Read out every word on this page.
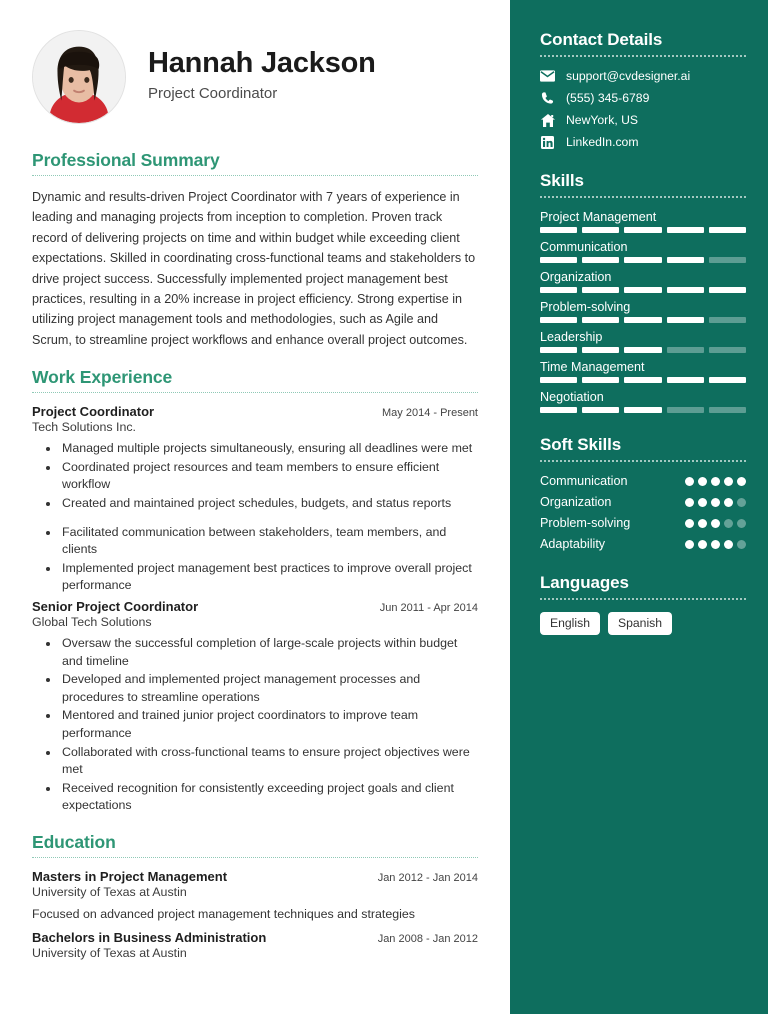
Hannah Jackson
Project Coordinator
Professional Summary
Dynamic and results-driven Project Coordinator with 7 years of experience in leading and managing projects from inception to completion. Proven track record of delivering projects on time and within budget while exceeding client expectations. Skilled in coordinating cross-functional teams and stakeholders to drive project success. Successfully implemented project management best practices, resulting in a 20% increase in project efficiency. Strong expertise in utilizing project management tools and methodologies, such as Agile and Scrum, to streamline project workflows and enhance overall project outcomes.
Work Experience
Project Coordinator	May 2014 - Present
Tech Solutions Inc.
• Managed multiple projects simultaneously, ensuring all deadlines were met
• Coordinated project resources and team members to ensure efficient workflow
• Created and maintained project schedules, budgets, and status reports
• Facilitated communication between stakeholders, team members, and clients
• Implemented project management best practices to improve overall project performance
Senior Project Coordinator	Jun 2011 - Apr 2014
Global Tech Solutions
• Oversaw the successful completion of large-scale projects within budget and timeline
• Developed and implemented project management processes and procedures to streamline operations
• Mentored and trained junior project coordinators to improve team performance
• Collaborated with cross-functional teams to ensure project objectives were met
• Received recognition for consistently exceeding project goals and client expectations
Education
Masters in Project Management	Jan 2012 - Jan 2014
University of Texas at Austin
Focused on advanced project management techniques and strategies
Bachelors in Business Administration	Jan 2008 - Jan 2012
University of Texas at Austin
Contact Details
support@cvdesigner.ai
(555) 345-6789
NewYork, US
LinkedIn.com
Skills
Project Management
Communication
Organization
Problem-solving
Leadership
Time Management
Negotiation
Soft Skills
Communication
Organization
Problem-solving
Adaptability
Languages
English	Spanish
